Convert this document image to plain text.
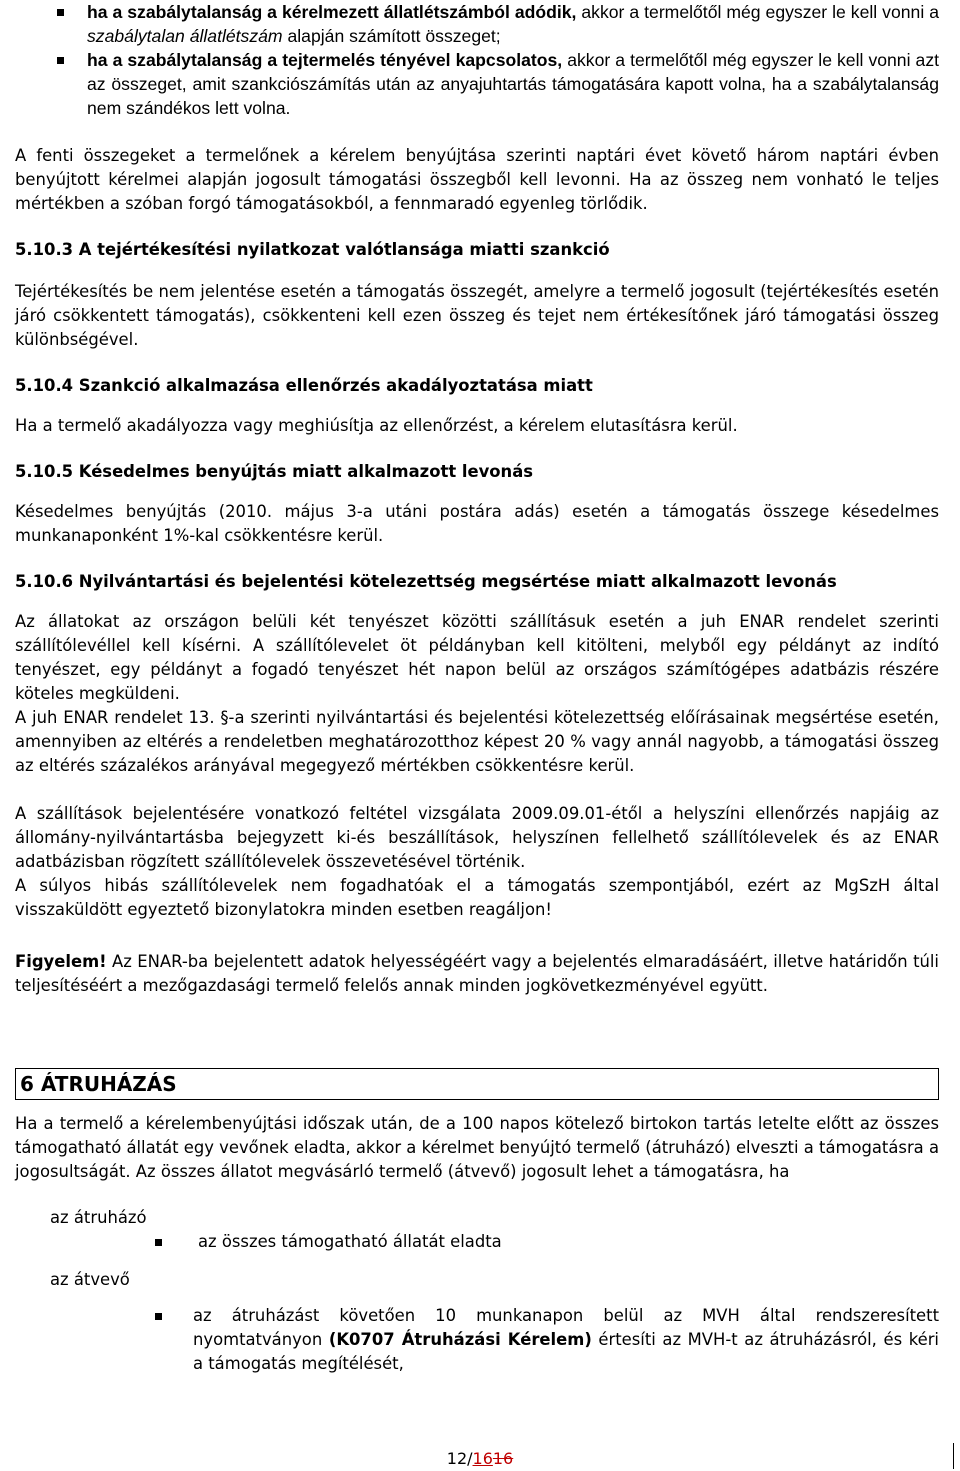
ha a szabálytalanság a kérelmezett állatlétszámból adódik, akkor a termelőtől még egyszer le kell vonni a szabálytalan állatlétszám alapján számított összeget;
ha a szabálytalanság a tejtermelés tényével kapcsolatos, akkor a termelőtől még egyszer le kell vonni azt az összeget, amit szankciószámítás után az anyajuhtartás támogatására kapott volna, ha a szabálytalanság nem szándékos lett volna.

A fenti összegeket a termelőnek a kérelem benyújtása szerinti naptári évet követő három naptári évben benyújtott kérelmei alapján jogosult támogatási összegből kell levonni. Ha az összeg nem vonható le teljes mértékben a szóban forgó támogatásokból, a fennmaradó egyenleg törlődik.

5.10.3 A tejértékesítési nyilatkozat valótlansága miatti szankció

Tejértékesítés be nem jelentése esetén a támogatás összegét, amelyre a termelő jogosult (tejértékesítés esetén járó csökkentett támogatás), csökkenteni kell ezen összeg és tejet nem értékesítőnek járó támogatási összeg különbségével.

5.10.4 Szankció alkalmazása ellenőrzés akadályoztatása miatt

Ha a termelő akadályozza vagy meghiúsítja az ellenőrzést, a kérelem elutasításra kerül.

5.10.5 Késedelmes benyújtás miatt alkalmazott levonás

Késedelmes benyújtás (2010. május 3-a utáni postára adás) esetén a támogatás összege késedelmes munkanaponként 1%-kal csökkentésre kerül.

5.10.6 Nyilvántartási és bejelentési kötelezettség megsértése miatt alkalmazott levonás

Az állatokat az országon belüli két tenyészet közötti szállításuk esetén a juh ENAR rendelet szerinti szállítólevéllel kell kísérni. A szállítólevelet öt példányban kell kitölteni, melyből egy példányt az indító tenyészet, egy példányt a fogadó tenyészet hét napon belül az országos számítógépes adatbázis részére köteles megküldeni.

A juh ENAR rendelet 13. §-a szerinti nyilvántartási és bejelentési kötelezettség előírásainak megsértése esetén, amennyiben az eltérés a rendeletben meghatározotthoz képest 20 % vagy annál nagyobb, a támogatási összeg az eltérés százalékos arányával megegyező mértékben csökkentésre kerül.

A szállítások bejelentésére vonatkozó feltétel vizsgálata 2009.09.01-étől a helyszíni ellenőrzés napjáig az állomány-nyilvántartásba bejegyzett ki-és beszállítások, helyszínen fellelhető szállítólevelek és az ENAR adatbázisban rögzített szállítólevelek összevetésével történik.

A súlyos hibás szállítólevelek nem fogadhatóak el a támogatás szempontjából, ezért az MgSzH által visszaküldött egyeztető bizonylatokra minden esetben reagáljon!

Figyelem! Az ENAR-ba bejelentett adatok helyességéért vagy a bejelentés elmaradásáért, illetve határidőn túli teljesítéséért a mezőgazdasági termelő felelős annak minden jogkövetkezményével együtt.

6 ÁTRUHÁZÁS

Ha a termelő a kérelembenyújtási időszak után, de a 100 napos kötelező birtokon tartás letelte előtt az összes támogatható állatát egy vevőnek eladta, akkor a kérelmet benyújtó termelő (átruházó) elveszti a támogatásra a jogosultságát. Az összes állatot megvásárló termelő (átvevő) jogosult lehet a támogatásra, ha

az átruházó

az összes támogatható állatát eladta

az átvevő

az átruházást követően 10 munkanapon belül az MVH által rendszeresített nyomtatványon (K0707 Átruházási Kérelem) értesíti az MVH-t az átruházásról, és kéri a támogatás megítélését,
12/1616
